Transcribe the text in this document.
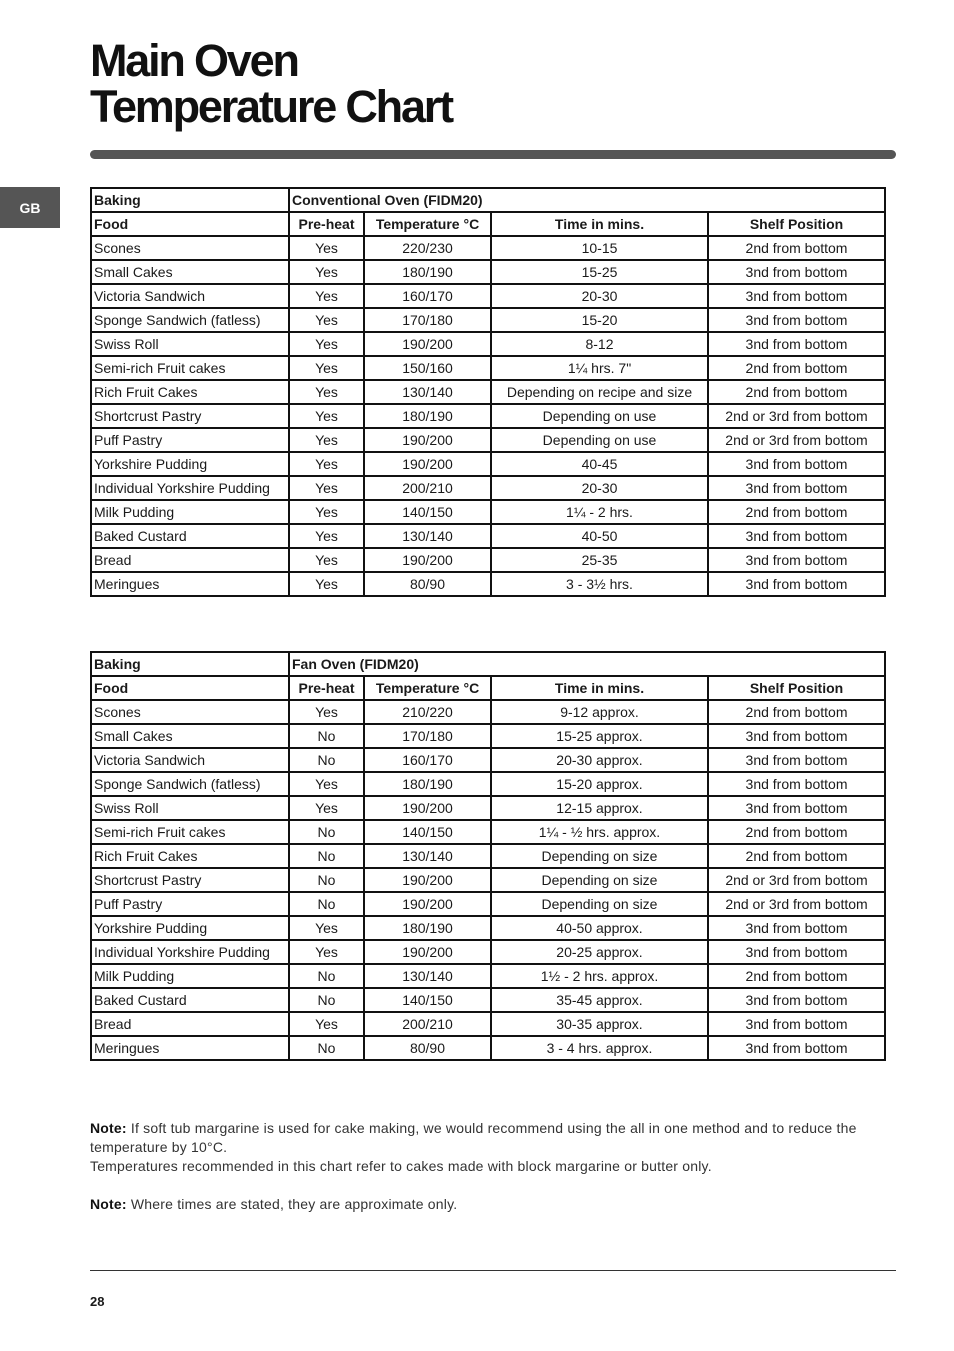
Main Oven
Temperature Chart
GB	Baking	Conventional Oven (FIDM20)			
Food	Pre-heat	Temperature °C	Time in mins.	Shelf Position
Scones	Yes	220/230	10-15	2nd from bottom
Small Cakes	Yes	180/190	15-25	3nd from bottom
Victoria Sandwich	Yes	160/170	20-30	3nd from bottom
Sponge Sandwich (fatless)	Yes	170/180	15-20	3nd from bottom
Swiss Roll	Yes	190/200	8-12	3nd from bottom
Semi-rich Fruit cakes	Yes	150/160	1¼ hrs. 7"	2nd from bottom
Rich Fruit Cakes	Yes	130/140	Depending on recipe and size	2nd from bottom
Shortcrust Pastry	Yes	180/190	Depending on use	2nd or 3rd from bottom
Puff Pastry	Yes	190/200	Depending on use	2nd or 3rd from bottom
Yorkshire Pudding	Yes	190/200	40-45	3nd from bottom
Individual Yorkshire Pudding	Yes	200/210	20-30	3nd from bottom
Milk Pudding	Yes	140/150	1¼ - 2 hrs.	2nd from bottom
Baked Custard	Yes	130/140	40-50	3nd from bottom
Bread	Yes	190/200	25-35	3nd from bottom
Meringues	Yes	80/90	3 - 3½ hrs.	3nd from bottom
Baking	Fan Oven (FIDM20)			
Food	Pre-heat	Temperature °C	Time in mins.	Shelf Position
Scones	Yes	210/220	9-12 approx.	2nd from bottom
Small Cakes	No	170/180	15-25 approx.	3nd from bottom
Victoria Sandwich	No	160/170	20-30 approx.	3nd from bottom
Sponge Sandwich (fatless)	Yes	180/190	15-20 approx.	3nd from bottom
Swiss Roll	Yes	190/200	12-15 approx.	3nd from bottom
Semi-rich Fruit cakes	No	140/150	1¼ - ½ hrs. approx.	2nd from bottom
Rich Fruit Cakes	No	130/140	Depending on size	2nd from bottom
Shortcrust Pastry	No	190/200	Depending on size	2nd or 3rd from bottom
Puff Pastry	No	190/200	Depending on size	2nd or 3rd from bottom
Yorkshire Pudding	Yes	180/190	40-50 approx.	3nd from bottom
Individual Yorkshire Pudding	Yes	190/200	20-25 approx.	3nd from bottom
Milk Pudding	No	130/140	1½ - 2 hrs. approx.	2nd from bottom
Baked Custard	No	140/150	35-45 approx.	3nd from bottom
Bread	Yes	200/210	30-35 approx.	3nd from bottom
Meringues	No	80/90	3 - 4 hrs. approx.	3nd from bottom

Note: If soft tub margarine is used for cake making, we would recommend using the all in one method and to reduce the temperature by 10°C.

Temperatures recommended in this chart refer to cakes made with block margarine or butter only.

Note: Where times are stated, they are approximate only.

28
